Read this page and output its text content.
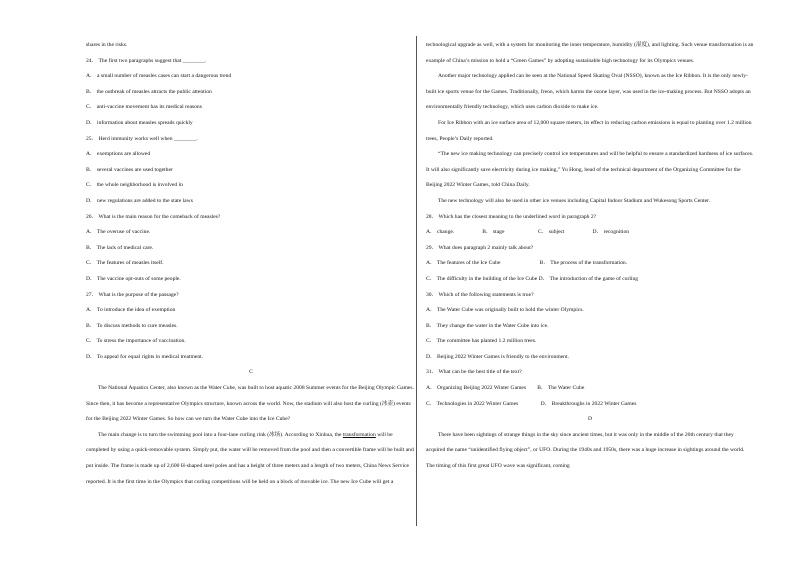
shares in the risks.

24． The first two paragraphs suggest that ________.

A． a small number of measles cases can start a dangerous trend

B． the outbreak of measles attracts the public attention

C． anti-vaccine movement has its medical reasons

D． information about measles spreads quickly

25． Herd immunity works well when ________.

A． exemptions are allowed

B． several vaccines are used together

C． the whole neighborhood is involved in

D． new regulations are added to the state laws

26． What is the main reason for the comeback of measles?

A． The overuse of vaccine.

B． The lack of medical care.

C． The features of measles itself.

D． The vaccine opt-outs of some people.

27． What is the purpose of the passage?

A． To introduce the idea of exemption

B． To discuss methods to cure measles.

C． To stress the importance of vaccination.

D． To appeal for equal rights in medical treatment.

C

The National Aquatics Center, also known as the Water Cube, was built to host aquatic 2008 Summer events for the Beijing Olympic Games. Since then, it has become a representative Olympics structure, known across the world. Now, the stadium will also host the curling (冰壶) events for the Beijing 2022 Winter Games. So how can we turn the Water Cube into the Ice Cube?

The main change is to turn the swimming pool into a four-lane curling rink (冰场). According to Xinhua, the transformation will be completed by using a quick-removable system. Simply put, the water will be removed from the pool and then a convertible frame will be built and put inside. The frame is made up of 2,600 H-shaped steel poles and has a height of three meters and a length of two meters, China News Service reported. It is the first time in the Olympics that curling competitions will be held on a block of movable ice. The new Ice Cube will get a

technological upgrade as well, with a system for monitoring the inner temperature, humidity (湿度), and lighting. Such venue transformation is an example of China’s mission to hold a “Green Games” by adopting sustainable high technology for its Olympics venues.

Another major technology applied can be seen at the National Speed Skating Oval (NSSO), known as the Ice Ribbon. It is the only newly-built ice sports venue for the Games. Traditionally, freon, which harms the ozone layer, was used in the ice-making process. But NSSO adopts an environmentally friendly technology, which uses carbon dioxide to make ice.

For Ice Ribbon with an ice surface area of 12,000 square meters, its effect in reducing carbon emissions is equal to planting over 1.2 million trees, People’s Daily reported.

“The new ice making technology can precisely control ice temperatures and will be helpful to ensure a standardized hardness of ice surfaces. It will also significantly save electricity during ice making,” Yu Hong, head of the technical department of the Organizing Committee for the Beijing 2022 Winter Games, told China Daily.

The new technology will also be used in other ice venues including Capital Indoor Stadium and Wukesong Sports Center.

28． Which has the closest meaning to the underlined word in paragraph 2?

A． change.     B． stage      C． subject     D． recognition

29． What does paragraph 2 mainly talk about?

A． The features of the Ice Cube       B． The process of the transformation.

C． The difficulty in the building of the Ice Cube D． The introduction of the game of curling

30． Which of the following statements is true?

A． The Water Cube was originally built to hold the winter Olympics.

B． They change the water in the Water Cube into ice.

C． The committee has planted 1.2 million trees.

D． Beijing 2022 Winter Games is friendly to the environment.

31． What can be the best title of the text?

A． Organizing Beijing 2022 Winter Games  B． The Water Cube

C． Technologies in 2022 Winter Games    D． Breakthroughs in 2022 Winter Games

D

There have been sightings of strange things in the sky since ancient times, but it was only in the middle of the 20th century that they acquired the name “unidentified flying object”, or UFO. During the 1940s and 1950s, there was a huge increase in sightings around the world. The timing of this first great UFO wave was significant, coming
